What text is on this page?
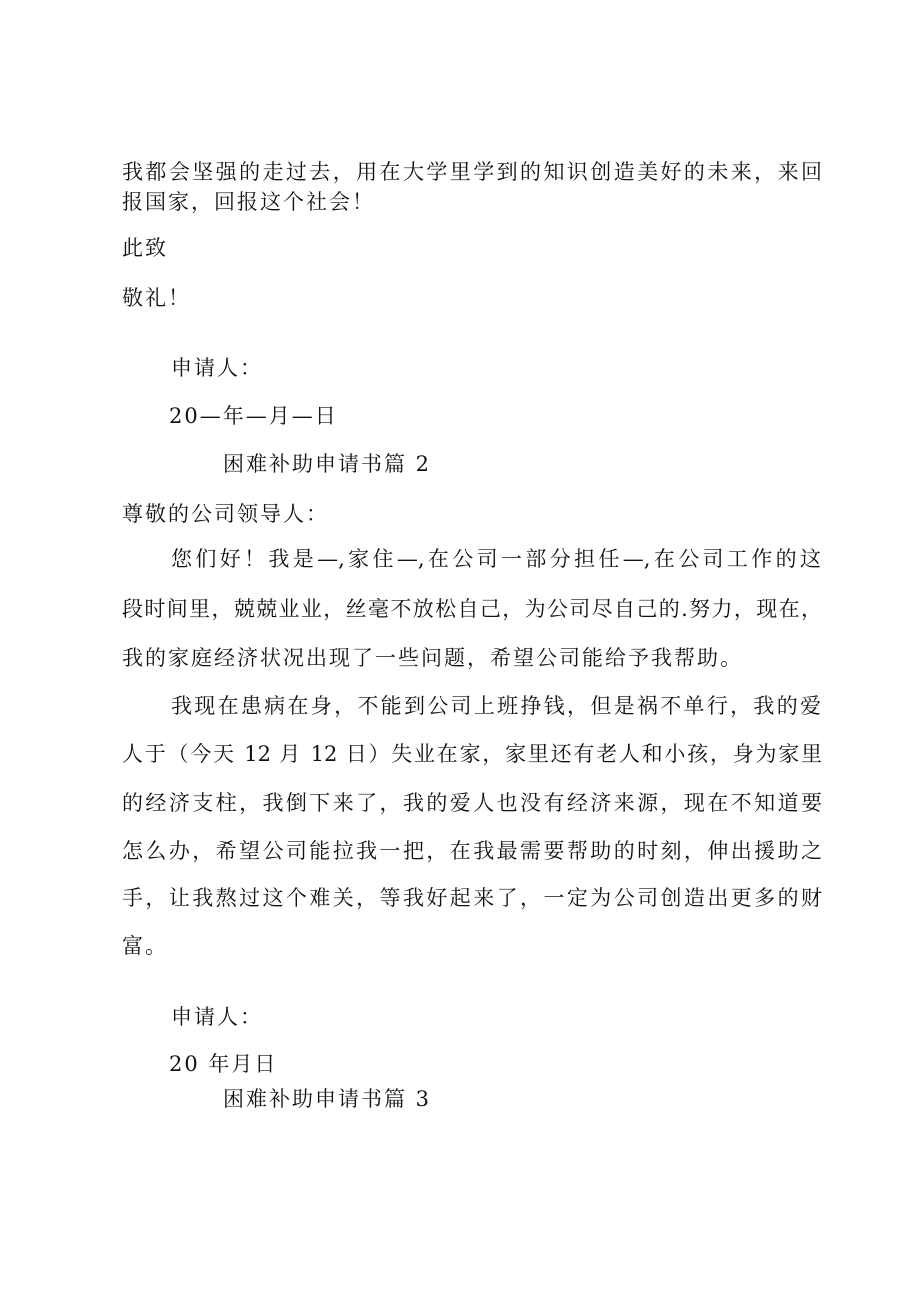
我都会坚强的走过去，用在大学里学到的知识创造美好的未来，来回
报国家，回报这个社会！
此致
敬礼！
申请人：
20—年—月—日
困难补助申请书篇 2
尊敬的公司领导人：
您们好！我是—,家住—,在公司一部分担任—,在公司工作的这
段时间里，兢兢业业，丝毫不放松自己，为公司尽自己的.努力，现在，
我的家庭经济状况出现了一些问题，希望公司能给予我帮助。
我现在患病在身，不能到公司上班挣钱，但是祸不单行，我的爱
人于（今天 12 月 12 日）失业在家，家里还有老人和小孩，身为家里
的经济支柱，我倒下来了，我的爱人也没有经济来源，现在不知道要
怎么办，希望公司能拉我一把，在我最需要帮助的时刻，伸出援助之
手，让我熬过这个难关，等我好起来了，一定为公司创造出更多的财
富。
申请人：
20 年月日
困难补助申请书篇 3
